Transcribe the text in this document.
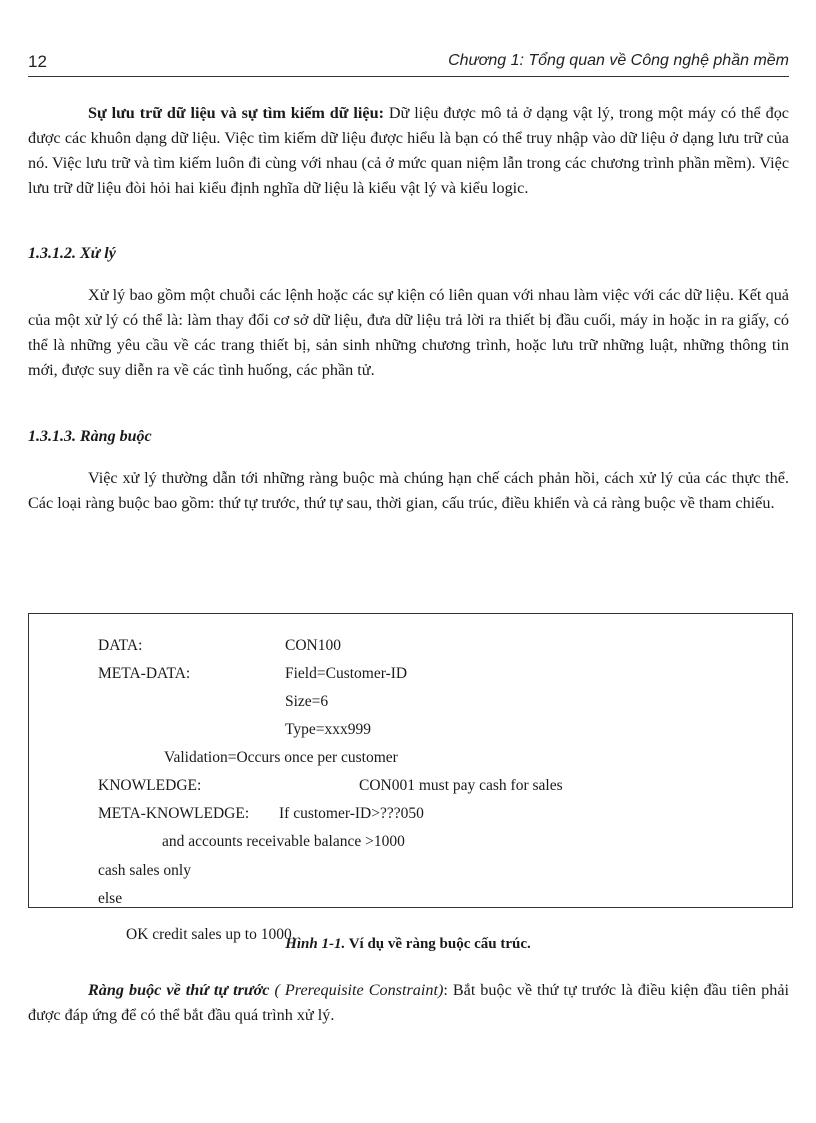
12	Chương 1: Tổng quan về Công nghệ phần mềm

Sự lưu trữ dữ liệu và sự tìm kiếm dữ liệu: Dữ liệu được mô tả ở dạng vật lý, trong một máy có thể đọc được các khuôn dạng dữ liệu. Việc tìm kiếm dữ liệu được hiểu là bạn có thể truy nhập vào dữ liệu ở dạng lưu trữ của nó. Việc lưu trữ và tìm kiếm luôn đi cùng với nhau (cả ở mức quan niệm lẫn trong các chương trình phần mềm). Việc lưu trữ dữ liệu đòi hỏi hai kiểu định nghĩa dữ liệu là kiểu vật lý và kiểu logic.

1.3.1.2. Xử lý

Xử lý bao gồm một chuỗi các lệnh hoặc các sự kiện có liên quan với nhau làm việc với các dữ liệu. Kết quả của một xử lý có thể là: làm thay đổi cơ sở dữ liệu, đưa dữ liệu trả lời ra thiết bị đầu cuối, máy in hoặc in ra giấy, có thể là những yêu cầu về các trang thiết bị, sản sinh những chương trình, hoặc lưu trữ những luật, những thông tin mới, được suy diễn ra về các tình huống, các phần tử.

1.3.1.3. Ràng buộc

Việc xử lý thường dẫn tới những ràng buộc mà chúng hạn chế cách phản hồi, cách xử lý của các thực thể. Các loại ràng buộc bao gồm: thứ tự trước, thứ tự sau, thời gian, cấu trúc, điều khiển và cả ràng buộc về tham chiếu.

DATA:	CON100
META-DATA:	Field=Customer-ID
Size=6
Type=xxx999
Validation=Occurs once per customer
KNOWLEDGE:	CON001 must pay cash for sales
META-KNOWLEDGE: If customer-ID>???050
and accounts receivable balance >1000
cash sales only
OK credit sales up to 1000.
else
Hình 1-1. Ví dụ về ràng buộc cấu trúc.

Ràng buộc về thứ tự trước ( Prerequisite Constraint): Bắt buộc về thứ tự trước là điều kiện đầu tiên phải được đáp ứng để có thể bắt đầu quá trình xử lý.
